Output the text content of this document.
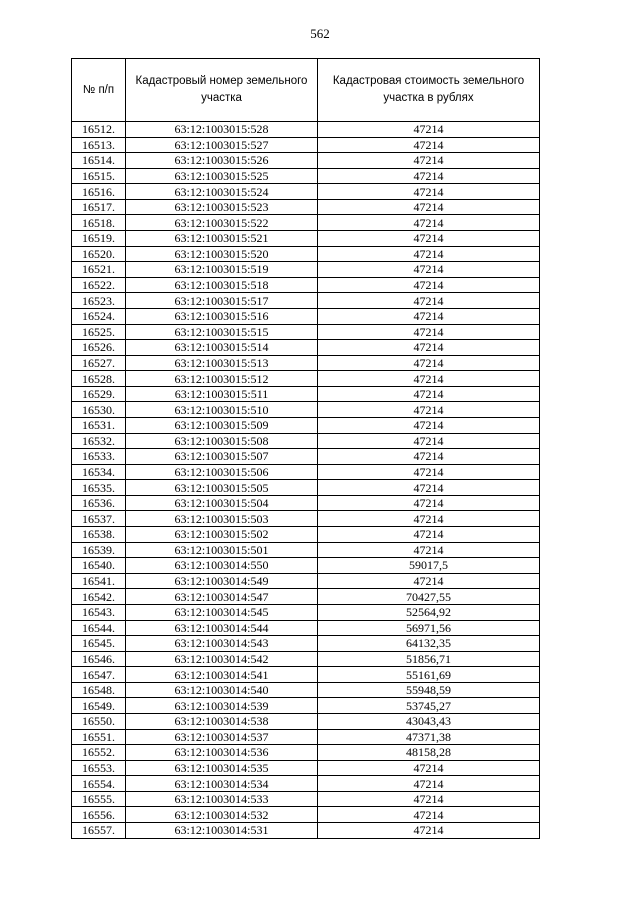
562
№ п/п	Кадастровый номер земельного участка	Кадастровая стоимость земельного участка в рублях
16512.	63:12:1003015:528	47214
16513.	63:12:1003015:527	47214
16514.	63:12:1003015:526	47214
16515.	63:12:1003015:525	47214
16516.	63:12:1003015:524	47214
16517.	63:12:1003015:523	47214
16518.	63:12:1003015:522	47214
16519.	63:12:1003015:521	47214
16520.	63:12:1003015:520	47214
16521.	63:12:1003015:519	47214
16522.	63:12:1003015:518	47214
16523.	63:12:1003015:517	47214
16524.	63:12:1003015:516	47214
16525.	63:12:1003015:515	47214
16526.	63:12:1003015:514	47214
16527.	63:12:1003015:513	47214
16528.	63:12:1003015:512	47214
16529.	63:12:1003015:511	47214
16530.	63:12:1003015:510	47214
16531.	63:12:1003015:509	47214
16532.	63:12:1003015:508	47214
16533.	63:12:1003015:507	47214
16534.	63:12:1003015:506	47214
16535.	63:12:1003015:505	47214
16536.	63:12:1003015:504	47214
16537.	63:12:1003015:503	47214
16538.	63:12:1003015:502	47214
16539.	63:12:1003015:501	47214
16540.	63:12:1003014:550	59017,5
16541.	63:12:1003014:549	47214
16542.	63:12:1003014:547	70427,55
16543.	63:12:1003014:545	52564,92
16544.	63:12:1003014:544	56971,56
16545.	63:12:1003014:543	64132,35
16546.	63:12:1003014:542	51856,71
16547.	63:12:1003014:541	55161,69
16548.	63:12:1003014:540	55948,59
16549.	63:12:1003014:539	53745,27
16550.	63:12:1003014:538	43043,43
16551.	63:12:1003014:537	47371,38
16552.	63:12:1003014:536	48158,28
16553.	63:12:1003014:535	47214
16554.	63:12:1003014:534	47214
16555.	63:12:1003014:533	47214
16556.	63:12:1003014:532	47214
16557.	63:12:1003014:531	47214
